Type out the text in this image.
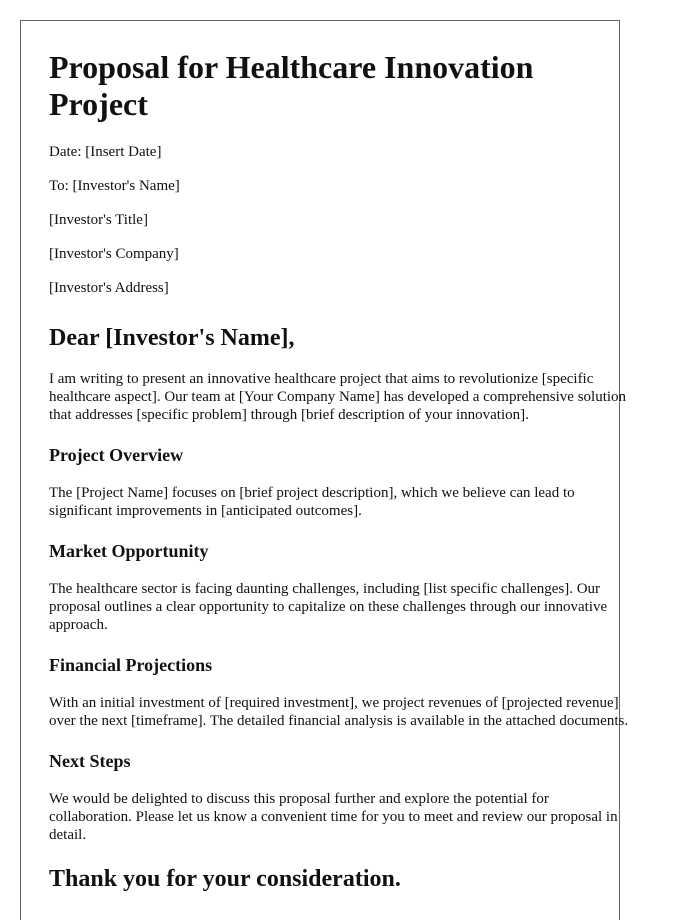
Proposal for Healthcare Innovation Project
Date: [Insert Date]
To: [Investor's Name]
[Investor's Title]
[Investor's Company]
[Investor's Address]
Dear [Investor's Name],

I am writing to present an innovative healthcare project that aims to revolutionize [specific healthcare aspect]. Our team at [Your Company Name] has developed a comprehensive solution that addresses [specific problem] through [brief description of your innovation].

Project Overview

The [Project Name] focuses on [brief project description], which we believe can lead to significant improvements in [anticipated outcomes].

Market Opportunity

The healthcare sector is facing daunting challenges, including [list specific challenges]. Our proposal outlines a clear opportunity to capitalize on these challenges through our innovative approach.

Financial Projections

With an initial investment of [required investment], we project revenues of [projected revenue] over the next [timeframe]. The detailed financial analysis is available in the attached documents.

Next Steps

We would be delighted to discuss this proposal further and explore the potential for collaboration. Please let us know a convenient time for you to meet and review our proposal in detail.

Thank you for your consideration.
